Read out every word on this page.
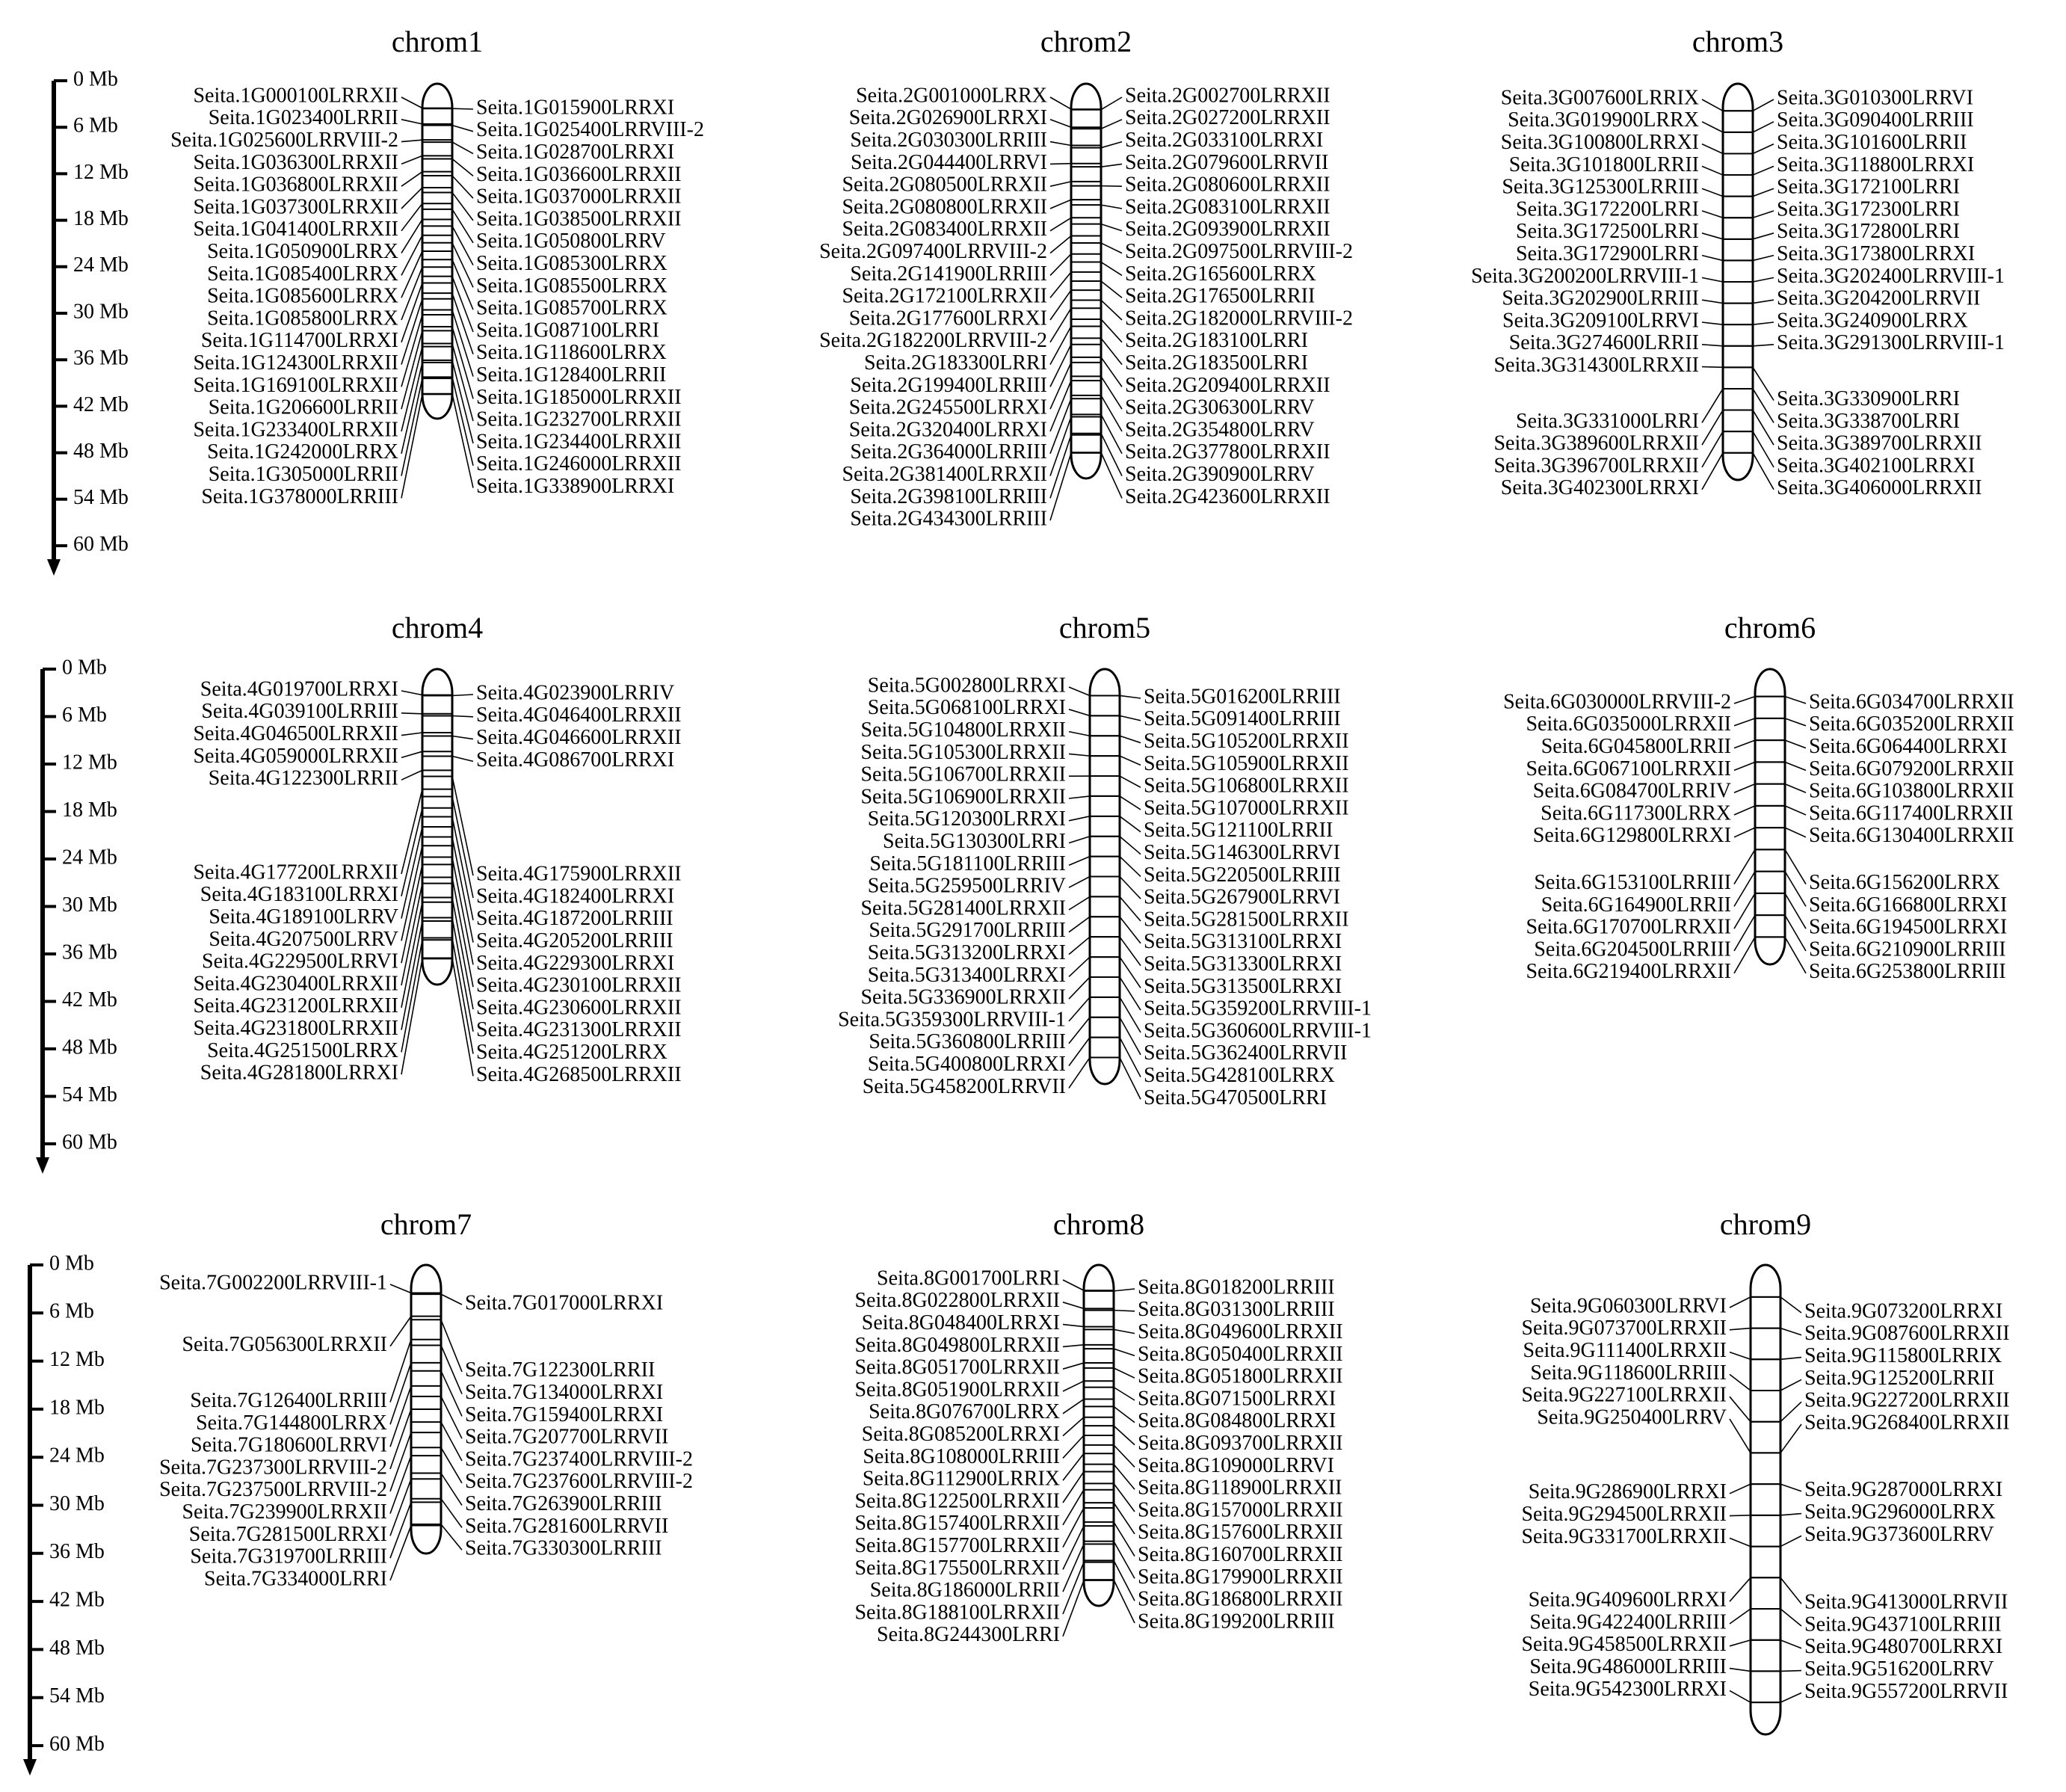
chrom1
Seita.1G000100LRRXII
Seita.1G023400LRRII
Seita.1G025600LRRVIII-2
Seita.1G036300LRRXII
Seita.1G036800LRRXII
Seita.1G037300LRRXII
Seita.1G041400LRRXII
Seita.1G050900LRRX
Seita.1G085400LRRX
Seita.1G085600LRRX
Seita.1G085800LRRX
Seita.1G114700LRRXI
Seita.1G124300LRRXII
Seita.1G169100LRRXII
Seita.1G206600LRRII
Seita.1G233400LRRXII
Seita.1G242000LRRX
Seita.1G305000LRRII
Seita.1G378000LRRIII
Seita.1G015900LRRXI
Seita.1G025400LRRVIII-2
Seita.1G028700LRRXI
Seita.1G036600LRRXII
Seita.1G037000LRRXII
Seita.1G038500LRRXII
Seita.1G050800LRRV
Seita.1G085300LRRX
Seita.1G085500LRRX
Seita.1G085700LRRX
Seita.1G087100LRRI
Seita.1G118600LRRX
Seita.1G128400LRRII
Seita.1G185000LRRXII
Seita.1G232700LRRXII
Seita.1G234400LRRXII
Seita.1G246000LRRXII
Seita.1G338900LRRXI
chrom2
Seita.2G001000LRRX
Seita.2G026900LRRXI
Seita.2G030300LRRIII
Seita.2G044400LRRVI
Seita.2G080500LRRXII
Seita.2G080800LRRXII
Seita.2G083400LRRXII
Seita.2G097400LRRVIII-2
Seita.2G141900LRRIII
Seita.2G172100LRRXII
Seita.2G177600LRRXI
Seita.2G182200LRRVIII-2
Seita.2G183300LRRI
Seita.2G199400LRRIII
Seita.2G245500LRRXI
Seita.2G320400LRRXI
Seita.2G364000LRRIII
Seita.2G381400LRRXII
Seita.2G398100LRRIII
Seita.2G434300LRRIII
Seita.2G002700LRRXII
Seita.2G027200LRRXII
Seita.2G033100LRRXI
Seita.2G079600LRRVII
Seita.2G080600LRRXII
Seita.2G083100LRRXII
Seita.2G093900LRRXII
Seita.2G097500LRRVIII-2
Seita.2G165600LRRX
Seita.2G176500LRRII
Seita.2G182000LRRVIII-2
Seita.2G183100LRRI
Seita.2G183500LRRI
Seita.2G209400LRRXII
Seita.2G306300LRRV
Seita.2G354800LRRV
Seita.2G377800LRRXII
Seita.2G390900LRRV
Seita.2G423600LRRXII
chrom3
Seita.3G007600LRRIX
Seita.3G019900LRRX
Seita.3G100800LRRXI
Seita.3G101800LRRII
Seita.3G125300LRRIII
Seita.3G172200LRRI
Seita.3G172500LRRI
Seita.3G172900LRRI
Seita.3G200200LRRVIII-1
Seita.3G202900LRRIII
Seita.3G209100LRRVI
Seita.3G274600LRRII
Seita.3G314300LRRXII
Seita.3G331000LRRI
Seita.3G389600LRRXII
Seita.3G396700LRRXII
Seita.3G402300LRRXI
Seita.3G010300LRRVI
Seita.3G090400LRRIII
Seita.3G101600LRRII
Seita.3G118800LRRXI
Seita.3G172100LRRI
Seita.3G172300LRRI
Seita.3G172800LRRI
Seita.3G173800LRRXI
Seita.3G202400LRRVIII-1
Seita.3G204200LRRVII
Seita.3G240900LRRX
Seita.3G291300LRRVIII-1
Seita.3G330900LRRI
Seita.3G338700LRRI
Seita.3G389700LRRXII
Seita.3G402100LRRXI
Seita.3G406000LRRXII
chrom4
Seita.4G019700LRRXI
Seita.4G039100LRRIII
Seita.4G046500LRRXII
Seita.4G059000LRRXII
Seita.4G122300LRRII
Seita.4G177200LRRXII
Seita.4G183100LRRXI
Seita.4G189100LRRV
Seita.4G207500LRRV
Seita.4G229500LRRVI
Seita.4G230400LRRXII
Seita.4G231200LRRXII
Seita.4G231800LRRXII
Seita.4G251500LRRX
Seita.4G281800LRRXI
Seita.4G023900LRRIV
Seita.4G046400LRRXII
Seita.4G046600LRRXII
Seita.4G086700LRRXI
Seita.4G175900LRRXII
Seita.4G182400LRRXI
Seita.4G187200LRRIII
Seita.4G205200LRRIII
Seita.4G229300LRRXI
Seita.4G230100LRRXII
Seita.4G230600LRRXII
Seita.4G231300LRRXII
Seita.4G251200LRRX
Seita.4G268500LRRXII
chrom5
Seita.5G002800LRRXI
Seita.5G068100LRRXI
Seita.5G104800LRRXII
Seita.5G105300LRRXII
Seita.5G106700LRRXII
Seita.5G106900LRRXII
Seita.5G120300LRRXI
Seita.5G130300LRRI
Seita.5G181100LRRIII
Seita.5G259500LRRIV
Seita.5G281400LRRXII
Seita.5G291700LRRIII
Seita.5G313200LRRXI
Seita.5G313400LRRXI
Seita.5G336900LRRXII
Seita.5G359300LRRVIII-1
Seita.5G360800LRRIII
Seita.5G400800LRRXI
Seita.5G458200LRRVII
Seita.5G016200LRRIII
Seita.5G091400LRRIII
Seita.5G105200LRRXII
Seita.5G105900LRRXII
Seita.5G106800LRRXII
Seita.5G107000LRRXII
Seita.5G121100LRRII
Seita.5G146300LRRVI
Seita.5G220500LRRIII
Seita.5G267900LRRVI
Seita.5G281500LRRXII
Seita.5G313100LRRXI
Seita.5G313300LRRXI
Seita.5G313500LRRXI
Seita.5G359200LRRVIII-1
Seita.5G360600LRRVIII-1
Seita.5G362400LRRVII
Seita.5G428100LRRX
Seita.5G470500LRRI
chrom6
Seita.6G030000LRRVIII-2
Seita.6G035000LRRXII
Seita.6G045800LRRII
Seita.6G067100LRRXII
Seita.6G084700LRRIV
Seita.6G117300LRRX
Seita.6G129800LRRXI
Seita.6G153100LRRIII
Seita.6G164900LRRII
Seita.6G170700LRRXII
Seita.6G204500LRRIII
Seita.6G219400LRRXII
Seita.6G034700LRRXII
Seita.6G035200LRRXII
Seita.6G064400LRRXI
Seita.6G079200LRRXII
Seita.6G103800LRRXII
Seita.6G117400LRRXII
Seita.6G130400LRRXII
Seita.6G156200LRRX
Seita.6G166800LRRXI
Seita.6G194500LRRXI
Seita.6G210900LRRIII
Seita.6G253800LRRIII
chrom7
Seita.7G002200LRRVIII-1
Seita.7G056300LRRXII
Seita.7G126400LRRIII
Seita.7G144800LRRX
Seita.7G180600LRRVI
Seita.7G237300LRRVIII-2
Seita.7G237500LRRVIII-2
Seita.7G239900LRRXII
Seita.7G281500LRRXI
Seita.7G319700LRRIII
Seita.7G334000LRRI
Seita.7G017000LRRXI
Seita.7G122300LRRII
Seita.7G134000LRRXI
Seita.7G159400LRRXI
Seita.7G207700LRRVII
Seita.7G237400LRRVIII-2
Seita.7G237600LRRVIII-2
Seita.7G263900LRRIII
Seita.7G281600LRRVII
Seita.7G330300LRRIII
chrom8
Seita.8G001700LRRI
Seita.8G022800LRRXII
Seita.8G048400LRRXI
Seita.8G049800LRRXII
Seita.8G051700LRRXII
Seita.8G051900LRRXII
Seita.8G076700LRRX
Seita.8G085200LRRXI
Seita.8G108000LRRIII
Seita.8G112900LRRIX
Seita.8G122500LRRXII
Seita.8G157400LRRXII
Seita.8G157700LRRXII
Seita.8G175500LRRXII
Seita.8G186000LRRII
Seita.8G188100LRRXII
Seita.8G244300LRRI
Seita.8G018200LRRIII
Seita.8G031300LRRIII
Seita.8G049600LRRXII
Seita.8G050400LRRXII
Seita.8G051800LRRXII
Seita.8G071500LRRXI
Seita.8G084800LRRXI
Seita.8G093700LRRXII
Seita.8G109000LRRVI
Seita.8G118900LRRXII
Seita.8G157000LRRXII
Seita.8G157600LRRXII
Seita.8G160700LRRXII
Seita.8G179900LRRXII
Seita.8G186800LRRXII
Seita.8G199200LRRIII
chrom9
Seita.9G060300LRRVI
Seita.9G073700LRRXII
Seita.9G111400LRRXII
Seita.9G118600LRRIII
Seita.9G227100LRRXII
Seita.9G250400LRRV
Seita.9G286900LRRXI
Seita.9G294500LRRXII
Seita.9G331700LRRXII
Seita.9G409600LRRXI
Seita.9G422400LRRIII
Seita.9G458500LRRXII
Seita.9G486000LRRIII
Seita.9G542300LRRXI
Seita.9G073200LRRXI
Seita.9G087600LRRXII
Seita.9G115800LRRIX
Seita.9G125200LRRII
Seita.9G227200LRRXII
Seita.9G268400LRRXII
Seita.9G287000LRRXI
Seita.9G296000LRRX
Seita.9G373600LRRV
Seita.9G413000LRRVII
Seita.9G437100LRRIII
Seita.9G480700LRRXI
Seita.9G516200LRRV
Seita.9G557200LRRVII
0 Mb
6 Mb
12 Mb
18 Mb
24 Mb
30 Mb
36 Mb
42 Mb
48 Mb
54 Mb
60 Mb
0 Mb
6 Mb
12 Mb
18 Mb
24 Mb
30 Mb
36 Mb
42 Mb
48 Mb
54 Mb
60 Mb
0 Mb
6 Mb
12 Mb
18 Mb
24 Mb
30 Mb
36 Mb
42 Mb
48 Mb
54 Mb
60 Mb
